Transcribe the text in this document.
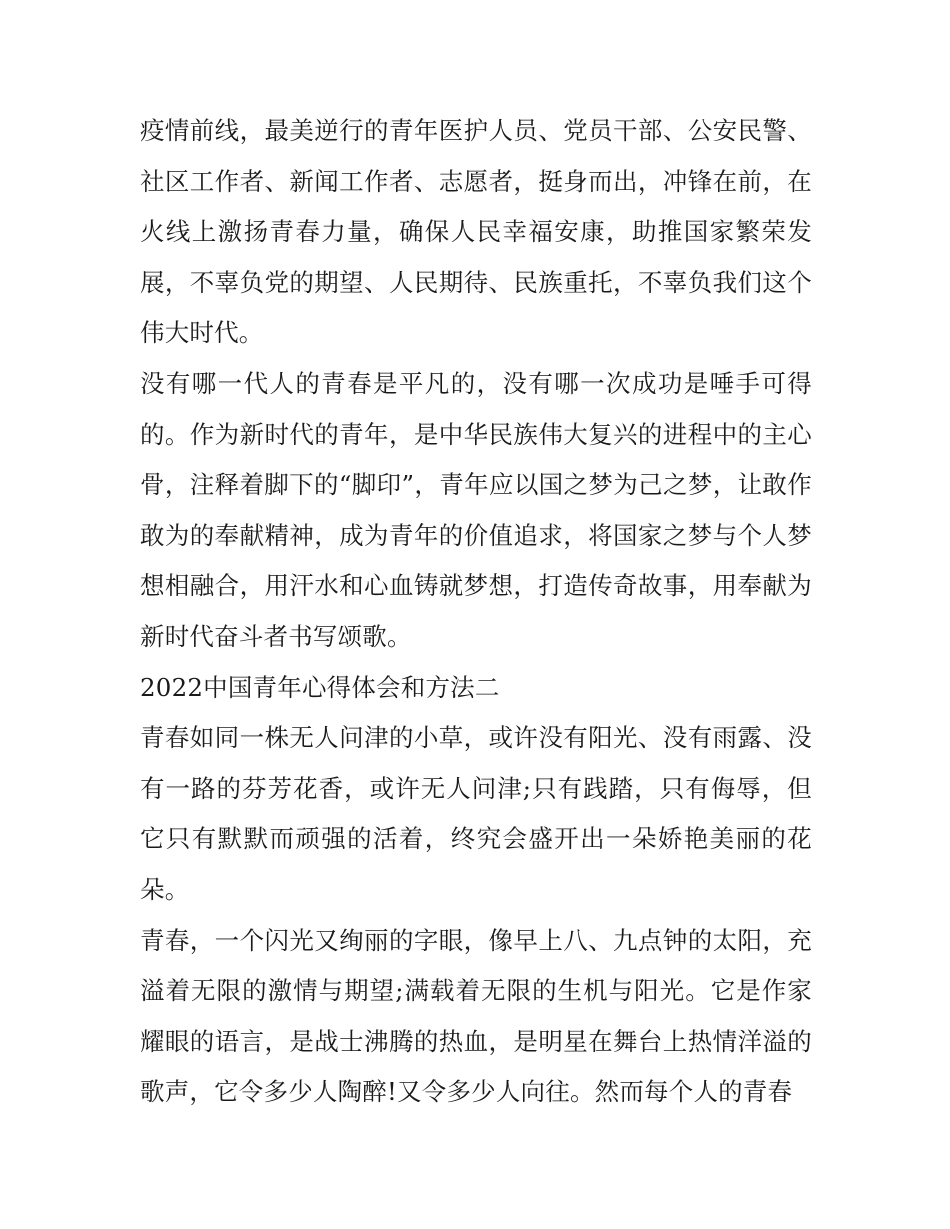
疫情前线，最美逆行的青年医护人员、党员干部、公安民警、社区工作者、新闻工作者、志愿者，挺身而出，冲锋在前，在火线上激扬青春力量，确保人民幸福安康，助推国家繁荣发展，不辜负党的期望、人民期待、民族重托，不辜负我们这个伟大时代。

没有哪一代人的青春是平凡的，没有哪一次成功是唾手可得的。作为新时代的青年，是中华民族伟大复兴的进程中的主心骨，注释着脚下的“脚印”，青年应以国之梦为己之梦，让敢作敢为的奉献精神，成为青年的价值追求，将国家之梦与个人梦想相融合，用汗水和心血铸就梦想，打造传奇故事，用奉献为新时代奋斗者书写颂歌。

2022中国青年心得体会和方法二

青春如同一株无人问津的小草，或许没有阳光、没有雨露、没有一路的芬芳花香，或许无人问津;只有践踏，只有侮辱，但它只有默默而顽强的活着，终究会盛开出一朵娇艳美丽的花朵。

青春，一个闪光又绚丽的字眼，像早上八、九点钟的太阳，充溢着无限的激情与期望;满载着无限的生机与阳光。它是作家耀眼的语言，是战士沸腾的热血，是明星在舞台上热情洋溢的歌声，它令多少人陶醉!又令多少人向往。然而每个人的青春
